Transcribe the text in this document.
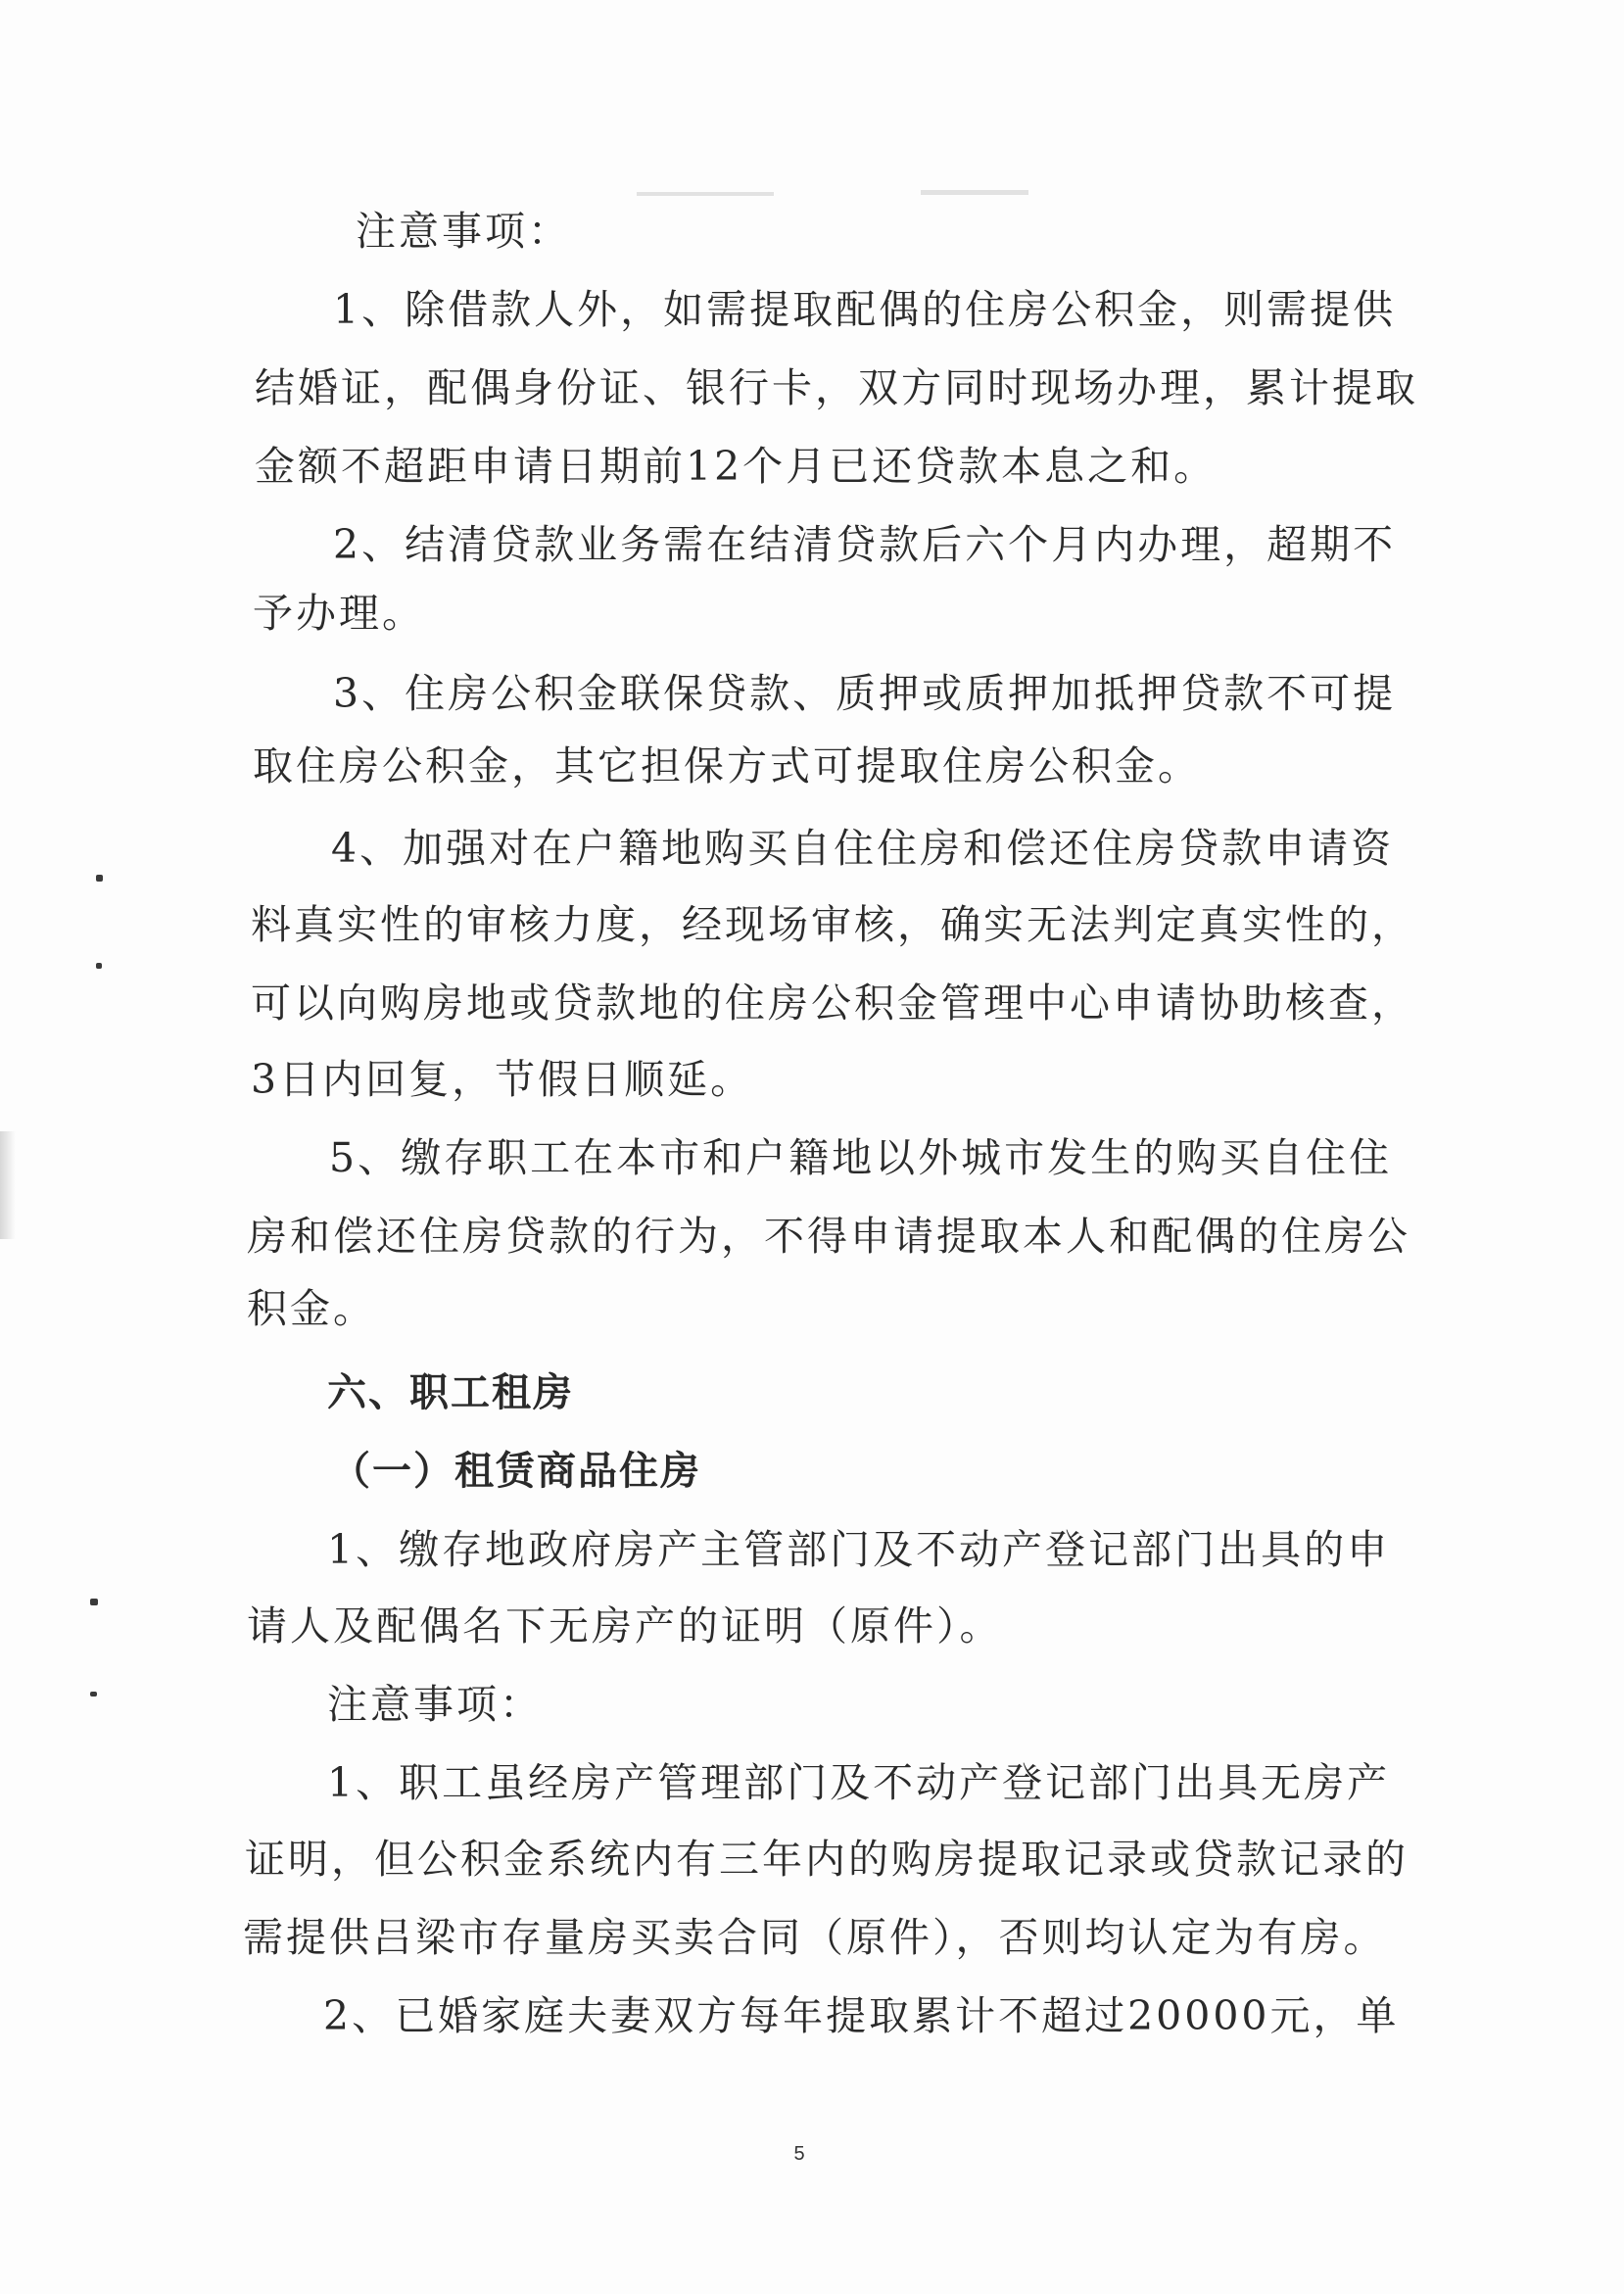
注意事项：
1、除借款人外，如需提取配偶的住房公积金，则需提供
结婚证，配偶身份证、银行卡，双方同时现场办理，累计提取
金额不超距申请日期前12个月已还贷款本息之和。
2、结清贷款业务需在结清贷款后六个月内办理，超期不
予办理。
3、住房公积金联保贷款、质押或质押加抵押贷款不可提
取住房公积金，其它担保方式可提取住房公积金。
4、加强对在户籍地购买自住住房和偿还住房贷款申请资
料真实性的审核力度，经现场审核，确实无法判定真实性的，
可以向购房地或贷款地的住房公积金管理中心申请协助核查，
3日内回复，节假日顺延。
5、缴存职工在本市和户籍地以外城市发生的购买自住住
房和偿还住房贷款的行为，不得申请提取本人和配偶的住房公
积金。
六、职工租房
（一）租赁商品住房
1、缴存地政府房产主管部门及不动产登记部门出具的申
请人及配偶名下无房产的证明（原件）。
注意事项：
1、职工虽经房产管理部门及不动产登记部门出具无房产
证明，但公积金系统内有三年内的购房提取记录或贷款记录的
需提供吕梁市存量房买卖合同（原件），否则均认定为有房。
2、已婚家庭夫妻双方每年提取累计不超过20000元，单
5
